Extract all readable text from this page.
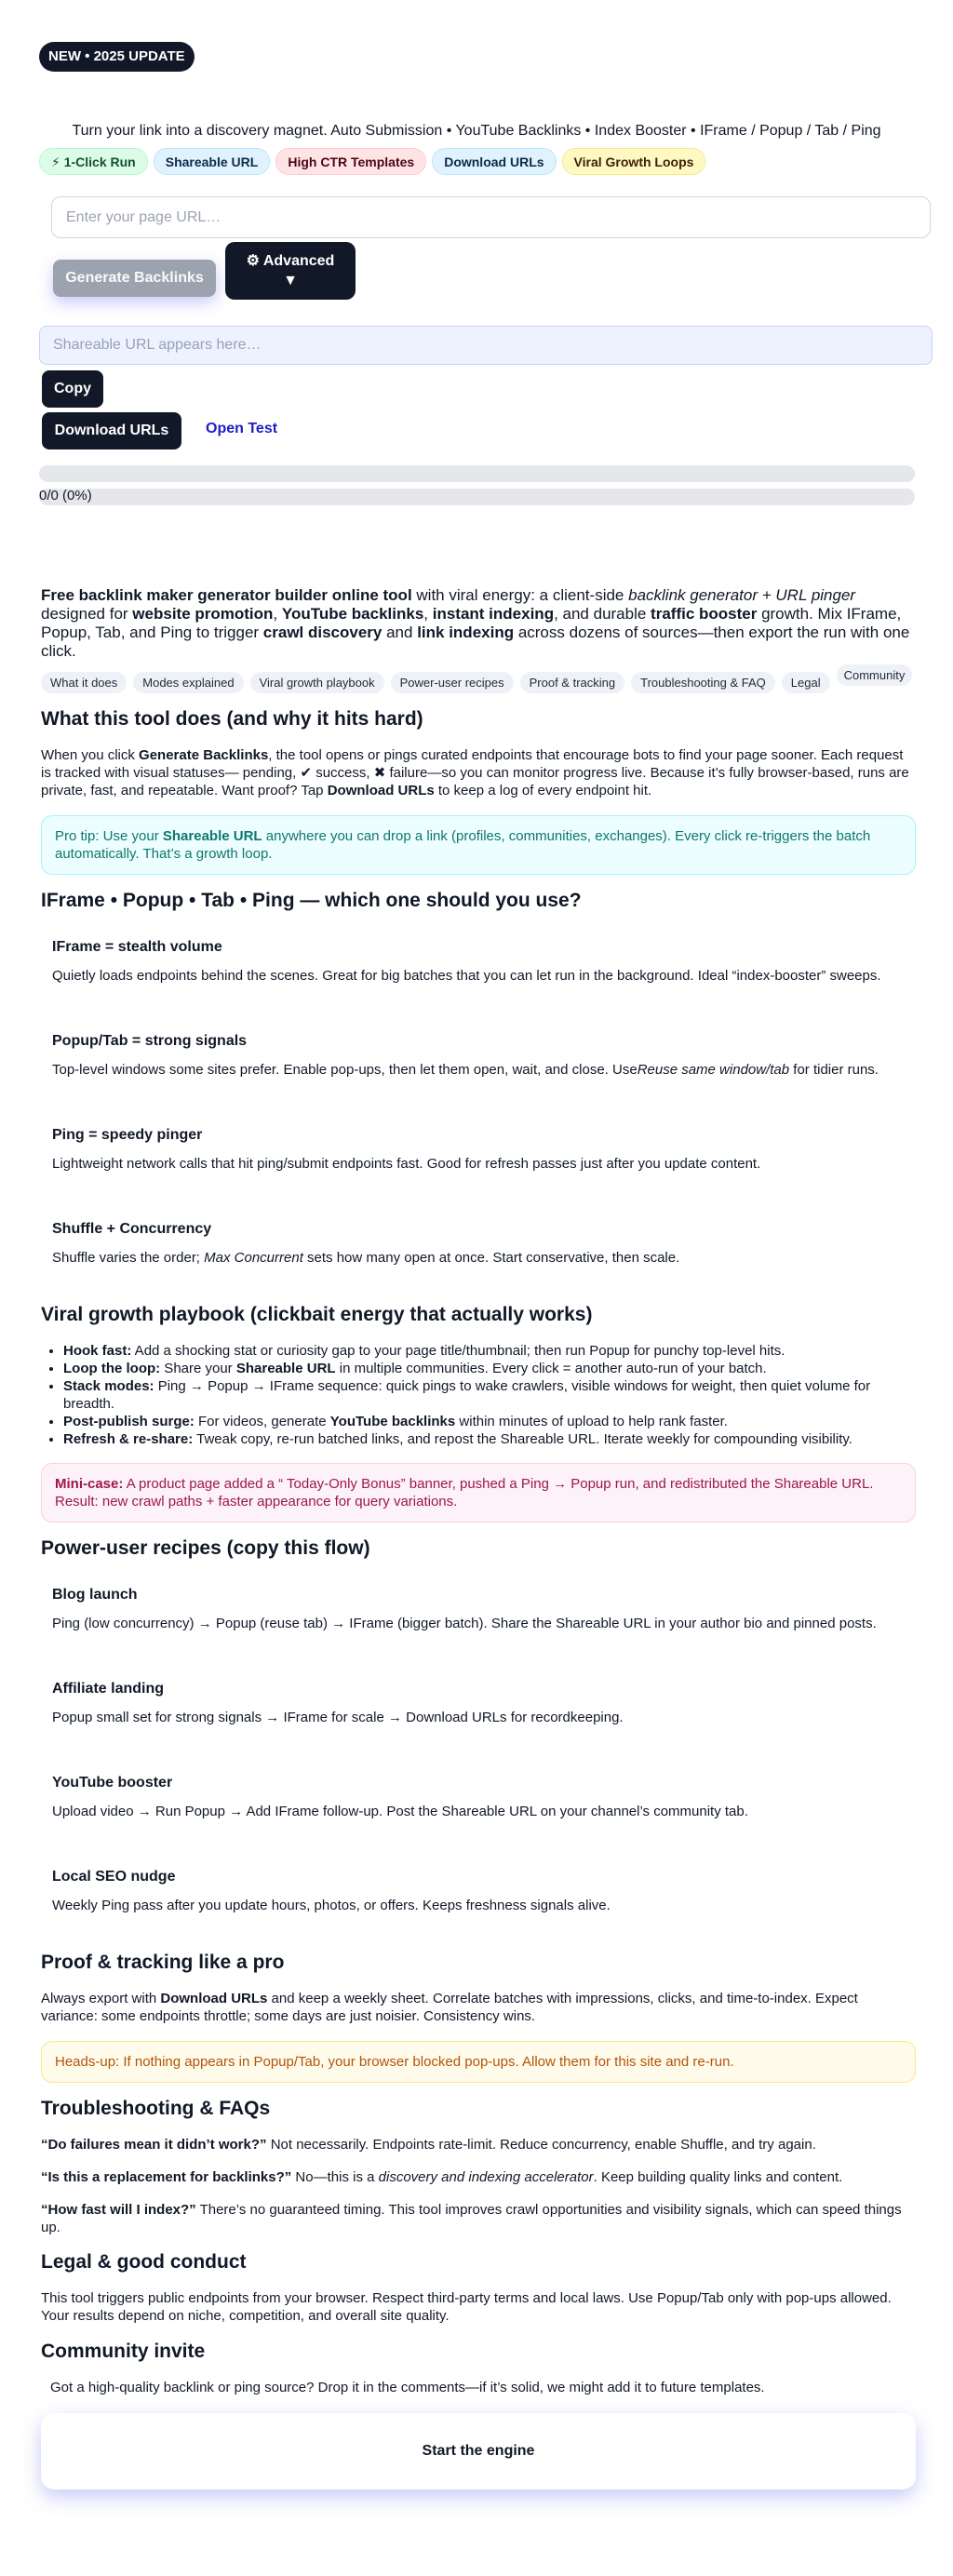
NEW • 2025 UPDATE
Turn your link into a discovery magnet. Auto Submission • YouTube Backlinks • Index Booster • IFrame / Popup / Tab / Ping
⚡ 1-Click Run	Shareable URL	High CTR Templates	Download URLs	Viral Growth Loops
Enter your page URL…
Generate Backlinks
⚙ Advanced
▼
Shareable URL appears here…
Copy
Download URLs	Open Test
0/0 (0%)

Free backlink maker generator builder online tool with viral energy: a client-side backlink generator + URL pinger designed for website promotion, YouTube backlinks, instant indexing, and durable traffic booster growth. Mix IFrame, Popup, Tab, and Ping to trigger crawl discovery and link indexing across dozens of sources—then export the run with one click.

What it does	Modes explained	Viral growth playbook	Power-user recipes	Proof & tracking	Troubleshooting & FAQ	Legal
Community
What this tool does (and why it hits hard)

When you click Generate Backlinks, the tool opens or pings curated endpoints that encourage bots to find your page sooner. Each request is tracked with visual statuses— pending, ✔ success, ✖ failure—so you can monitor progress live. Because it’s fully browser-based, runs are private, fast, and repeatable. Want proof? Tap Download URLs to keep a log of every endpoint hit.

Pro tip: Use your Shareable URL anywhere you can drop a link (profiles, communities, exchanges). Every click re-triggers the batch automatically. That’s a growth loop.
IFrame • Popup • Tab • Ping — which one should you use?
IFrame = stealth volume

Quietly loads endpoints behind the scenes. Great for big batches that you can let run in the background. Ideal “index-booster” sweeps.

Popup/Tab = strong signals

Top-level windows some sites prefer. Enable pop-ups, then let them open, wait, and close. UseReuse same window/tab for tidier runs.

Ping = speedy pinger

Lightweight network calls that hit ping/submit endpoints fast. Good for refresh passes just after you update content.

Shuffle + Concurrency

Shuffle varies the order; Max Concurrent sets how many open at once. Start conservative, then scale.

Viral growth playbook (clickbait energy that actually works)
• Hook fast: Add a shocking stat or curiosity gap to your page title/thumbnail; then run Popup for punchy top-level hits.
• Loop the loop: Share your Shareable URL in multiple communities. Every click = another auto-run of your batch.
• Stack modes: Ping → Popup → IFrame sequence: quick pings to wake crawlers, visible windows for weight, then quiet volume for breadth.
• Post-publish surge: For videos, generate YouTube backlinks within minutes of upload to help rank faster.
• Refresh & re-share: Tweak copy, re-run batched links, and repost the Shareable URL. Iterate weekly for compounding visibility.
Mini-case: A product page added a “ Today-Only Bonus” banner, pushed a Ping → Popup run, and redistributed the Shareable URL. Result: new crawl paths + faster appearance for query variations.
Power-user recipes (copy this flow)
Blog launch

Ping (low concurrency) → Popup (reuse tab) → IFrame (bigger batch). Share the Shareable URL in your author bio and pinned posts.

Affiliate landing

Popup small set for strong signals → IFrame for scale → Download URLs for recordkeeping.

YouTube booster

Upload video → Run Popup → Add IFrame follow-up. Post the Shareable URL on your channel’s community tab.

Local SEO nudge

Weekly Ping pass after you update hours, photos, or offers. Keeps freshness signals alive.

Proof & tracking like a pro

Always export with Download URLs and keep a weekly sheet. Correlate batches with impressions, clicks, and time-to-index. Expect variance: some endpoints throttle; some days are just noisier. Consistency wins.

Heads-up: If nothing appears in Popup/Tab, your browser blocked pop-ups. Allow them for this site and re-run.
Troubleshooting & FAQs

“Do failures mean it didn’t work?” Not necessarily. Endpoints rate-limit. Reduce concurrency, enable Shuffle, and try again.

“Is this a replacement for backlinks?” No—this is a discovery and indexing accelerator. Keep building quality links and content.

“How fast will I index?” There’s no guaranteed timing. This tool improves crawl opportunities and visibility signals, which can speed things up.

Legal & good conduct

This tool triggers public endpoints from your browser. Respect third-party terms and local laws. Use Popup/Tab only with pop-ups allowed. Your results depend on niche, competition, and overall site quality.

Community invite

Got a high-quality backlink or ping source? Drop it in the comments—if it’s solid, we might add it to future templates.

Start the engine
